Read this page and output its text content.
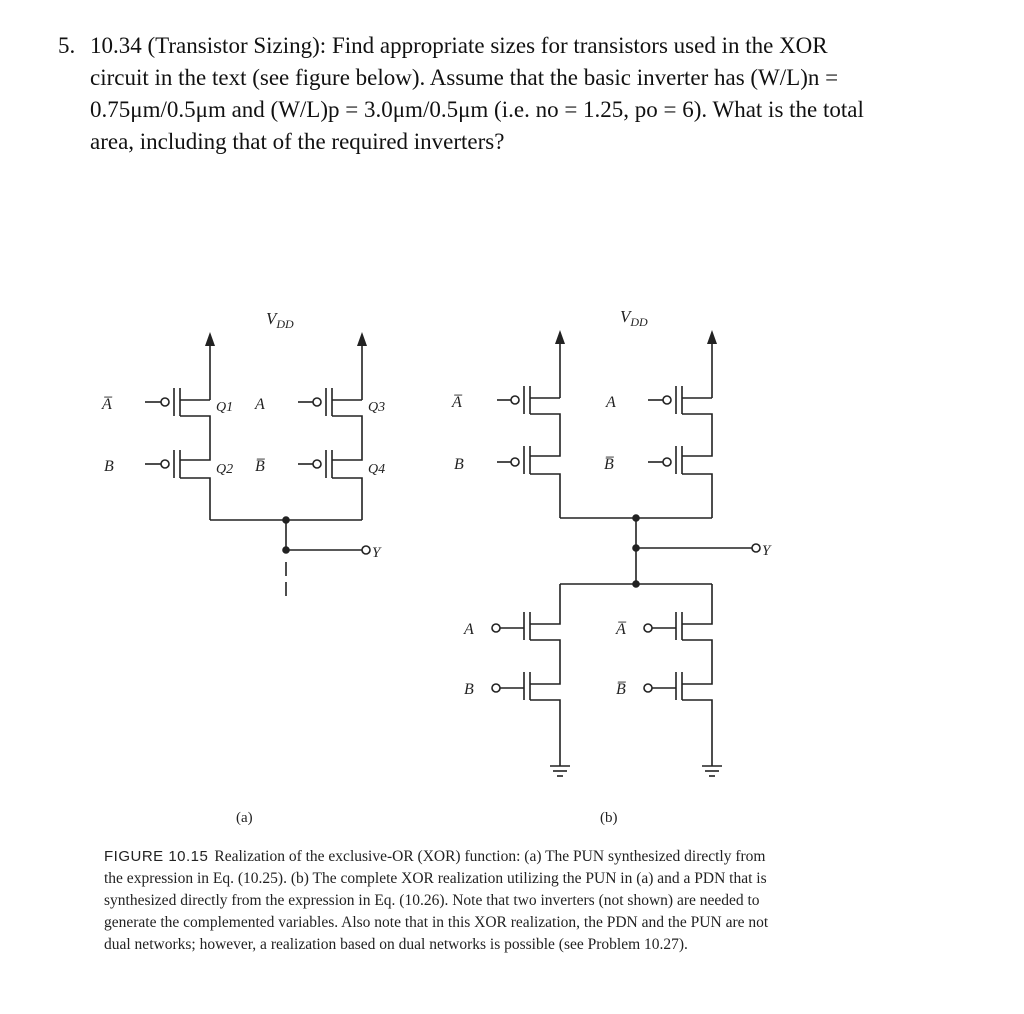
5. 10.34 (Transistor Sizing): Find appropriate sizes for transistors used in the XOR
circuit in the text (see figure below). Assume that the basic inverter has (W/L)n =
0.75μm/0.5μm and (W/L)p = 3.0μm/0.5μm (i.e. no = 1.25, po = 6). What is the total
area, including that of the required inverters?
$V_{DD}$
A̅
B
A
B̅
Q1
Q2
Q3
Q4
Y
(a)
$V_{DD}$
A̅
B
A
B̅
A
B
A̅
B̅
Y
(b)
FIGURE 10.15 Realization of the exclusive-OR (XOR) function: (a) The PUN synthesized directly from
the expression in Eq. (10.25). (b) The complete XOR realization utilizing the PUN in (a) and a PDN that is
synthesized directly from the expression in Eq. (10.26). Note that two inverters (not shown) are needed to
generate the complemented variables. Also note that in this XOR realization, the PDN and the PUN are not
dual networks; however, a realization based on dual networks is possible (see Problem 10.27).
